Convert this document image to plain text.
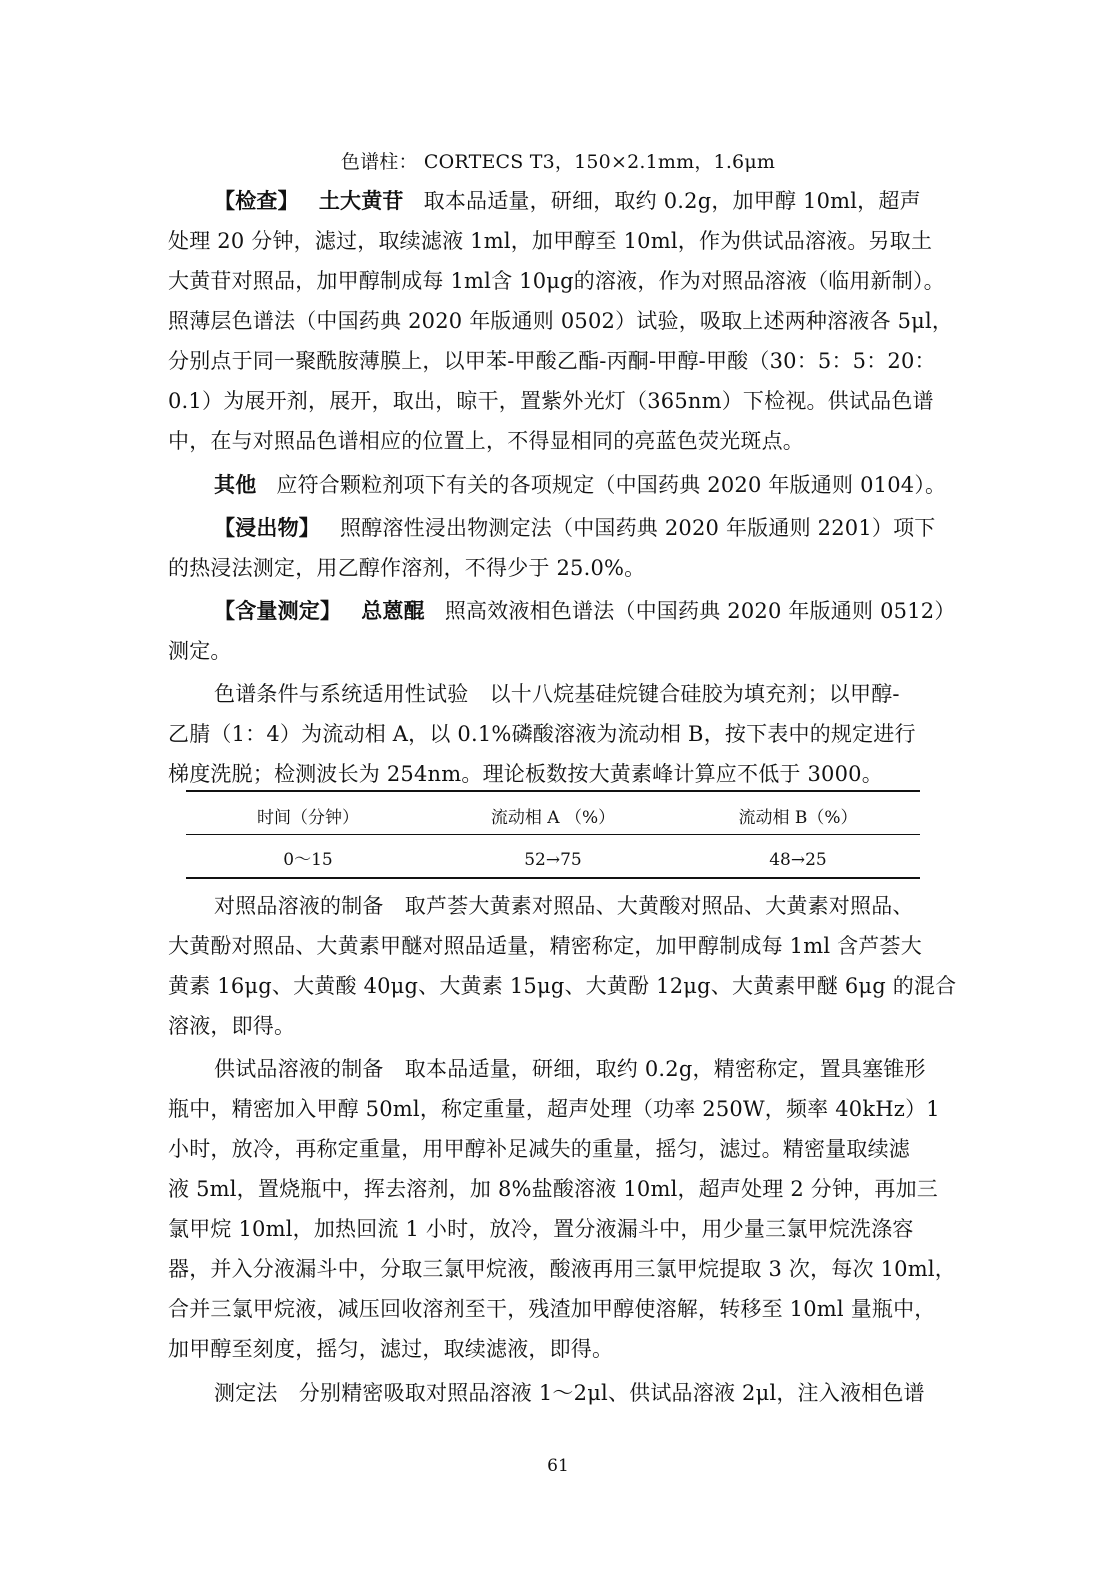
色谱柱： CORTECS T3，150×2.1mm，1.6μm
【检查】 土大黄苷 取本品适量，研细，取约 0.2g，加甲醇 10ml，超声
处理 20 分钟，滤过，取续滤液 1ml，加甲醇至 10ml，作为供试品溶液。另取土
大黄苷对照品，加甲醇制成每 1ml含 10μg的溶液，作为对照品溶液（临用新制）。
照薄层色谱法（中国药典 2020 年版通则 0502）试验，吸取上述两种溶液各 5μl，
分别点于同一聚酰胺薄膜上，以甲苯-甲酸乙酯-丙酮-甲醇-甲酸（30：5：5：20：
0.1）为展开剂，展开，取出，晾干，置紫外光灯（365nm）下检视。供试品色谱
中，在与对照品色谱相应的位置上，不得显相同的亮蓝色荧光斑点。
其他 应符合颗粒剂项下有关的各项规定（中国药典 2020 年版通则 0104）。
【浸出物】 照醇溶性浸出物测定法（中国药典 2020 年版通则 2201）项下
的热浸法测定，用乙醇作溶剂，不得少于 25.0%。
【含量测定】 总蒽醌 照高效液相色谱法（中国药典 2020 年版通则 0512）
测定。
色谱条件与系统适用性试验　以十八烷基硅烷键合硅胶为填充剂；以甲醇-
乙腈（1：4）为流动相 A，以 0.1%磷酸溶液为流动相 B，按下表中的规定进行
梯度洗脱；检测波长为 254nm。理论板数按大黄素峰计算应不低于 3000。
时间（分钟）	流动相 A （%）	流动相 B（%）
0～15	52→75	48→25
对照品溶液的制备　取芦荟大黄素对照品、大黄酸对照品、大黄素对照品、
大黄酚对照品、大黄素甲醚对照品适量，精密称定，加甲醇制成每 1ml 含芦荟大
黄素 16μg、大黄酸 40μg、大黄素 15μg、大黄酚 12μg、大黄素甲醚 6μg 的混合
溶液，即得。
供试品溶液的制备　取本品适量，研细，取约 0.2g，精密称定，置具塞锥形
瓶中，精密加入甲醇 50ml，称定重量，超声处理（功率 250W，频率 40kHz）1
小时，放冷，再称定重量，用甲醇补足减失的重量，摇匀，滤过。精密量取续滤
液 5ml，置烧瓶中，挥去溶剂，加 8%盐酸溶液 10ml，超声处理 2 分钟，再加三
氯甲烷 10ml，加热回流 1 小时，放冷，置分液漏斗中，用少量三氯甲烷洗涤容
器，并入分液漏斗中，分取三氯甲烷液，酸液再用三氯甲烷提取 3 次，每次 10ml，
合并三氯甲烷液，减压回收溶剂至干，残渣加甲醇使溶解，转移至 10ml 量瓶中，
加甲醇至刻度，摇匀，滤过，取续滤液，即得。
测定法　分别精密吸取对照品溶液 1～2μl、供试品溶液 2μl，注入液相色谱
61
